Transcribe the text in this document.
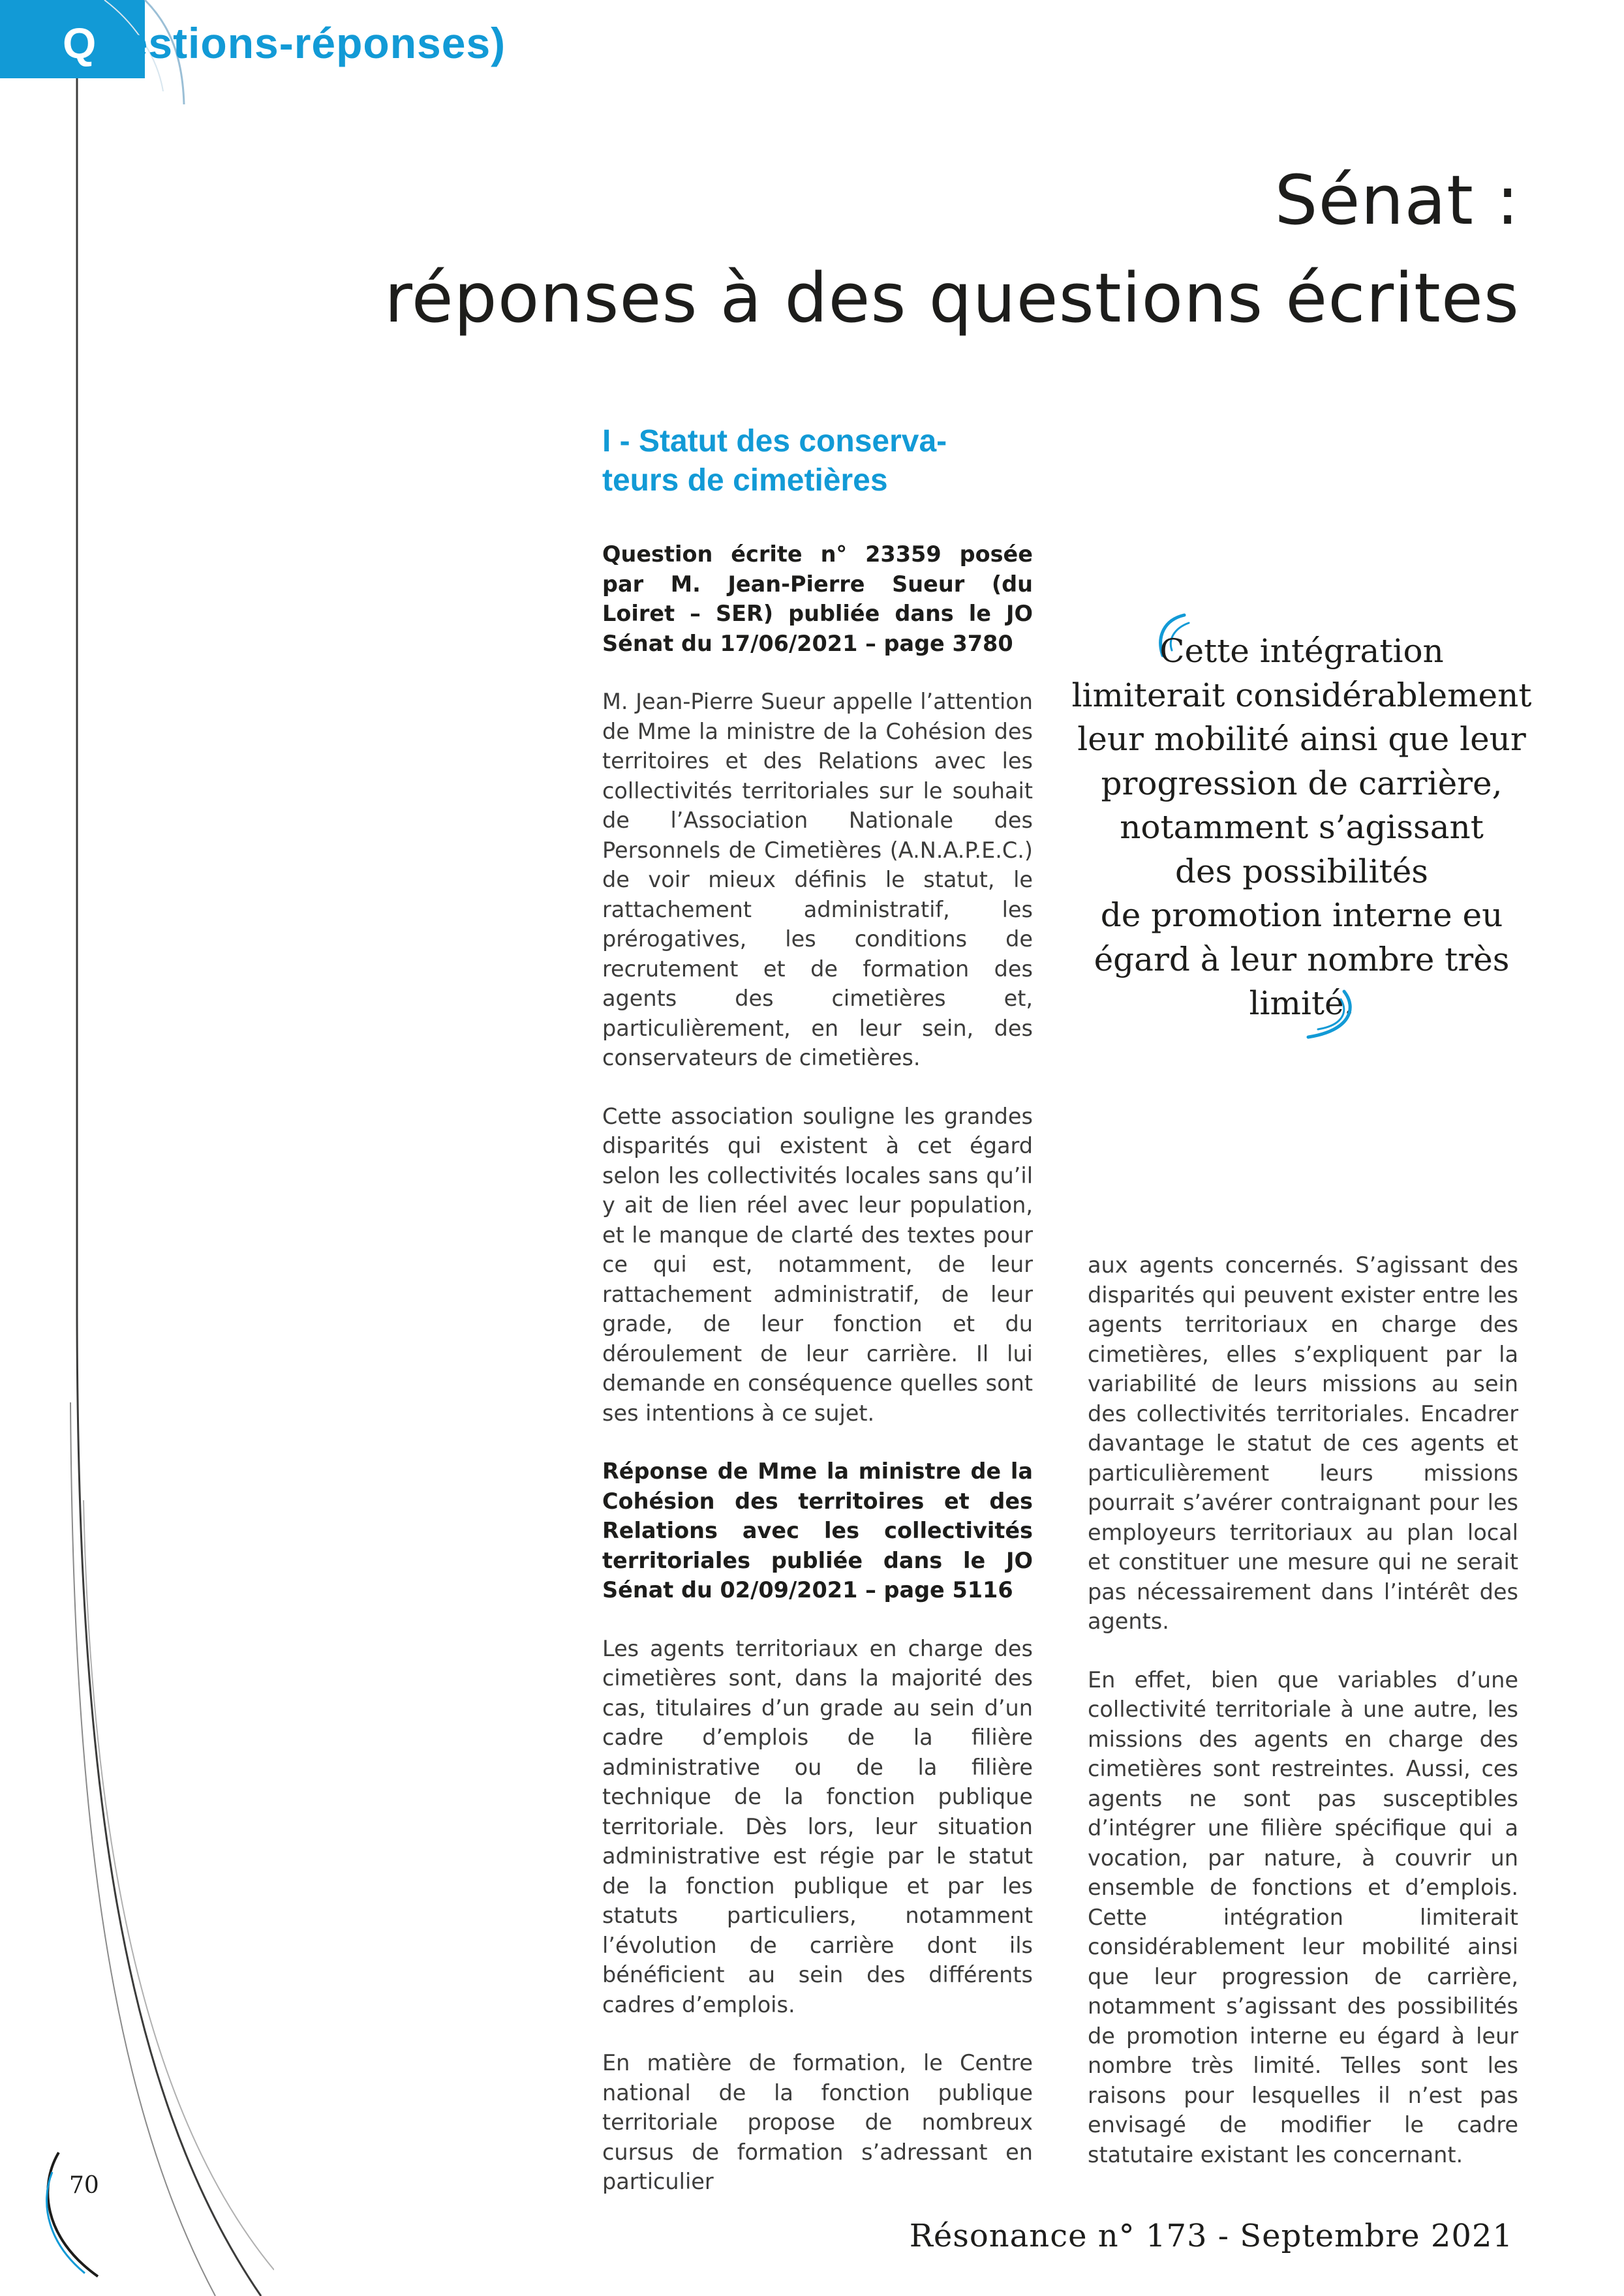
Questions-réponses)
Sénat :
réponses à des questions écrites
I - Statut des conserva-
teurs de cimetières

Question écrite n° 23359 posée par M. Jean-Pierre Sueur (du Loiret – SER) publiée dans le JO Sénat du 17/06/2021 – page 3780

M. Jean-Pierre Sueur appelle l’attention de Mme la ministre de la Cohésion des territoires et des Relations avec les collectivités territoriales sur le souhait de l’Association Nationale des Personnels de Cimetières (A.N.A.P.E.C.) de voir mieux définis le statut, le rattachement administratif, les prérogatives, les conditions de recrutement et de formation des agents des cimetières et, particulièrement, en leur sein, des conservateurs de cimetières.

Cette association souligne les grandes disparités qui existent à cet égard selon les collectivités locales sans qu’il y ait de lien réel avec leur population, et le manque de clarté des textes pour ce qui est, notamment, de leur rattachement administratif, de leur grade, de leur fonction et du déroulement de leur carrière. Il lui demande en conséquence quelles sont ses intentions à ce sujet.

Réponse de Mme la ministre de la Cohésion des territoires et des Relations avec les collectivités territoriales publiée dans le JO Sénat du 02/09/2021 – page 5116

Les agents territoriaux en charge des cimetières sont, dans la majorité des cas, titulaires d’un grade au sein d’un cadre d’emplois de la filière administrative ou de la filière technique de la fonction publique territoriale. Dès lors, leur situation administrative est régie par le statut de la fonction publique et par les statuts particuliers, notamment l’évolution de carrière dont ils bénéficient au sein des différents cadres d’emplois.

En matière de formation, le Centre national de la fonction publique territoriale propose de nombreux cursus de formation s’adressant en particulier

Cette intégration
limiterait considérablement
leur mobilité ainsi que leur
progression de carrière,
notamment s’agissant
des possibilités
de promotion interne eu
égard à leur nombre très
limité.

aux agents concernés. S’agissant des disparités qui peuvent exister entre les agents territoriaux en charge des cimetières, elles s’expliquent par la variabilité de leurs missions au sein des collectivités territoriales. Encadrer davantage le statut de ces agents et particulièrement leurs missions pourrait s’avérer contraignant pour les employeurs territoriaux au plan local et constituer une mesure qui ne serait pas nécessairement dans l’intérêt des agents.

En effet, bien que variables d’une collectivité territoriale à une autre, les missions des agents en charge des cimetières sont restreintes. Aussi, ces agents ne sont pas susceptibles d’intégrer une filière spécifique qui a vocation, par nature, à couvrir un ensemble de fonctions et d’emplois. Cette intégration limiterait considérablement leur mobilité ainsi que leur progression de carrière, notamment s’agissant des possibilités de promotion interne eu égard à leur nombre très limité. Telles sont les raisons pour lesquelles il n’est pas envisagé de modifier le cadre statutaire existant les concernant.

70
Résonance n° 173 - Septembre 2021
